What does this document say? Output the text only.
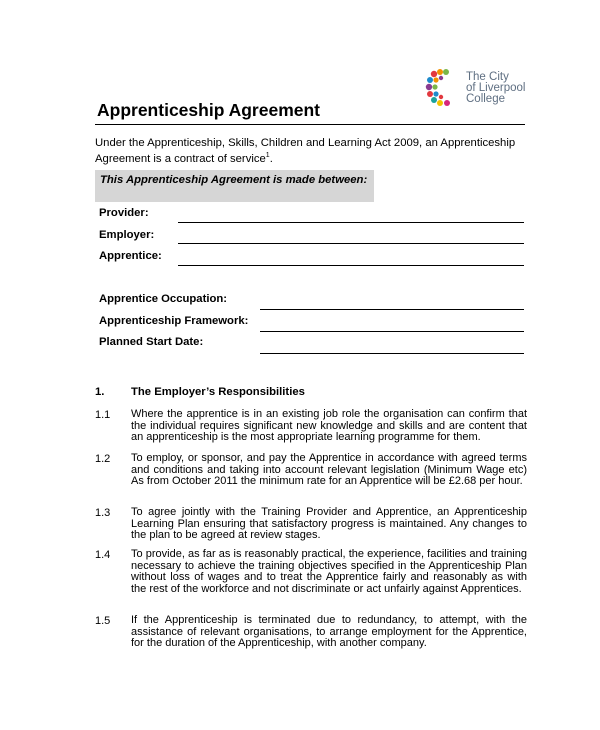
The City
of Liverpool
College
Apprenticeship Agreement
Under the Apprenticeship, Skills, Children and Learning Act 2009, an Apprenticeship Agreement is a contract of service$^1$.
This Apprenticeship Agreement is made between:
Provider:
Employer:
Apprentice:
Apprentice Occupation:
Apprenticeship Framework:
Planned Start Date:
1. The Employer’s Responsibilities
1.1 Where the apprentice is in an existing job role the organisation can confirm that the individual requires significant new knowledge and skills and are content that an apprenticeship is the most appropriate learning programme for them.
1.2 To employ, or sponsor, and pay the Apprentice in accordance with agreed terms and conditions and taking into account relevant legislation (Minimum Wage etc) As from October 2011 the minimum rate for an Apprentice will be £2.68 per hour.
1.3 To agree jointly with the Training Provider and Apprentice, an Apprenticeship Learning Plan ensuring that satisfactory progress is maintained. Any changes to the plan to be agreed at review stages.
1.4 To provide, as far as is reasonably practical, the experience, facilities and training necessary to achieve the training objectives specified in the Apprenticeship Plan without loss of wages and to treat the Apprentice fairly and reasonably as with the rest of the workforce and not discriminate or act unfairly against Apprentices.
1.5 If the Apprenticeship is terminated due to redundancy, to attempt, with the assistance of relevant organisations, to arrange employment for the Apprentice, for the duration of the Apprenticeship, with another company.
